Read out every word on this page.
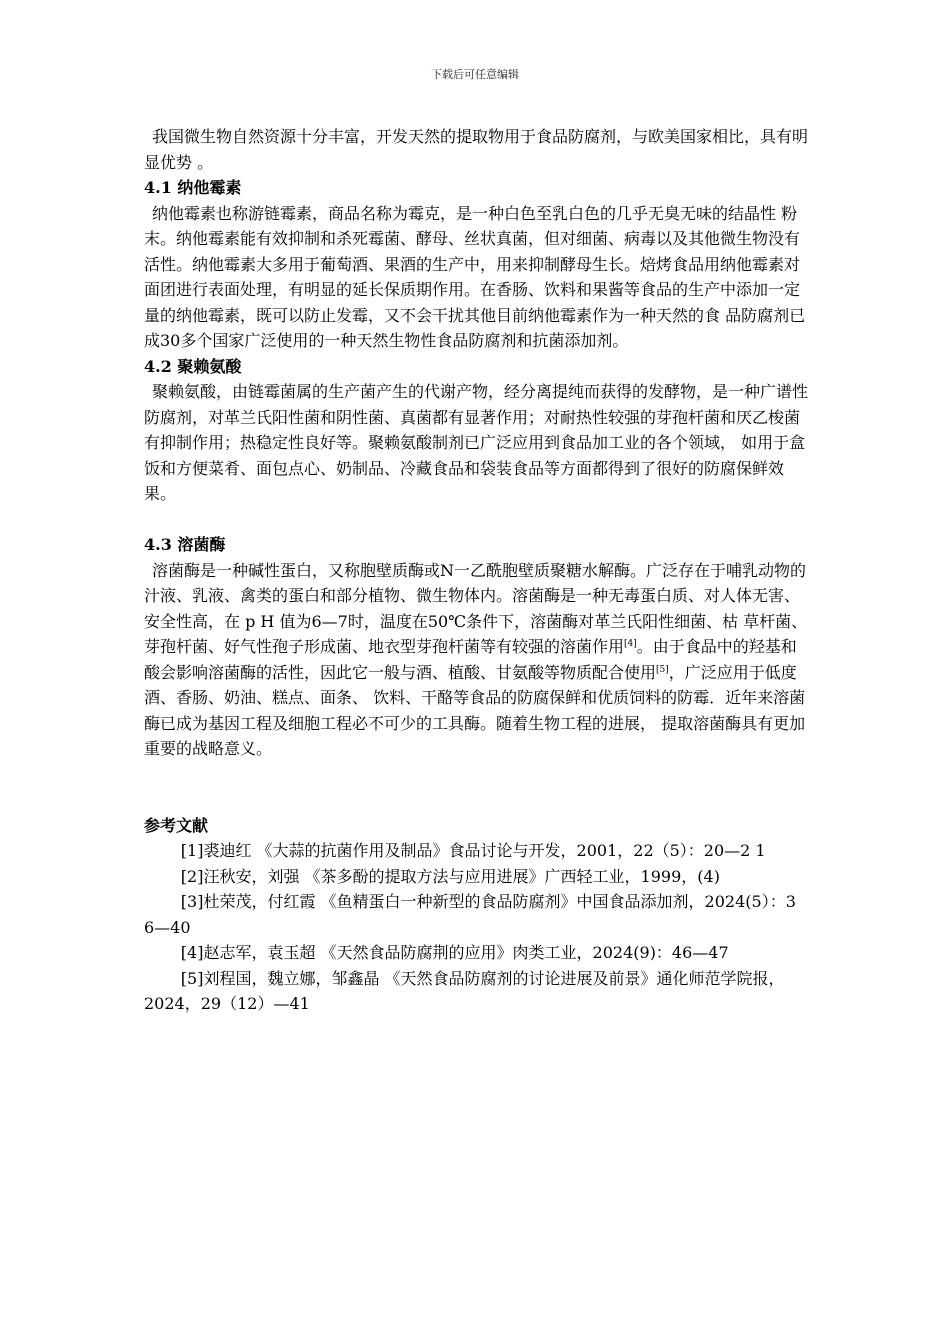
下载后可任意编辑

我国微生物自然资源十分丰富，开发天然的提取物用于食品防腐剂，与欧美国家相比，具有明显优势 。

4.1 纳他霉素

纳他霉素也称游链霉素，商品名称为霉克，是一种白色至乳白色的几乎无臭无味的结晶性 粉末。纳他霉素能有效抑制和杀死霉菌、酵母、丝状真菌，但对细菌、病毒以及其他微生物没有活性。纳他霉素大多用于葡萄酒、果酒的生产中，用来抑制酵母生长。焙烤食品用纳他霉素对面团进行表面处理，有明显的延长保质期作用。在香肠、饮料和果酱等食品的生产中添加一定量的纳他霉素，既可以防止发霉，又不会干扰其他目前纳他霉素作为一种天然的食 品防腐剂已成30多个国家广泛使用的一种天然生物性食品防腐剂和抗菌添加剂。

4.2 聚赖氨酸

聚赖氨酸，由链霉菌属的生产菌产生的代谢产物，经分离提纯而获得的发酵物，是一种广谱性防腐剂，对革兰氏阳性菌和阴性菌、真菌都有显著作用；对耐热性较强的芽孢杆菌和厌乙梭菌有抑制作用；热稳定性良好等。聚赖氨酸制剂已广泛应用到食品加工业的各个领域， 如用于盒饭和方便菜肴、面包点心、奶制品、冷藏食品和袋装食品等方面都得到了很好的防腐保鲜效果。

4.3 溶菌酶

溶菌酶是一种碱性蛋白，又称胞壁质酶或N一乙酰胞壁质聚糖水解酶。广泛存在于哺乳动物的汁液、乳液、禽类的蛋白和部分植物、微生物体内。溶菌酶是一种无毒蛋白质、对人体无害、安全性高，在 p H 值为6—7时，温度在50℃条件下，溶菌酶对革兰氏阳性细菌、枯 草杆菌、芽孢杆菌、好气性孢子形成菌、地衣型芽孢杆菌等有较强的溶菌作用[4]。由于食品中的羟基和酸会影响溶菌酶的活性，因此它一般与酒、植酸、甘氨酸等物质配合使用[5]，广泛应用于低度酒、香肠、奶油、糕点、面条、 饮料、干酪等食品的防腐保鲜和优质饲料的防霉．近年来溶菌酶已成为基因工程及细胞工程必不可少的工具酶。随着生物工程的进展， 提取溶菌酶具有更加重要的战略意义。

参考文献

[1]裘迪红 《大蒜的抗菌作用及制品》食品讨论与开发，2001，22（5）：20—2 1

[2]汪秋安，刘强 《茶多酚的提取方法与应用进展》广西轻工业，1999，(4)

[3]杜荣茂，付红霞 《鱼精蛋白一种新型的食品防腐剂》中国食品添加剂，2024(5）：3 6—40

[4]赵志军，袁玉超 《天然食品防腐荆的应用》肉类工业，2024(9)：46—47

[5]刘程国，魏立娜，邹鑫晶 《天然食品防腐剂的讨论进展及前景》通化师范学院报，2024，29（12）—41
